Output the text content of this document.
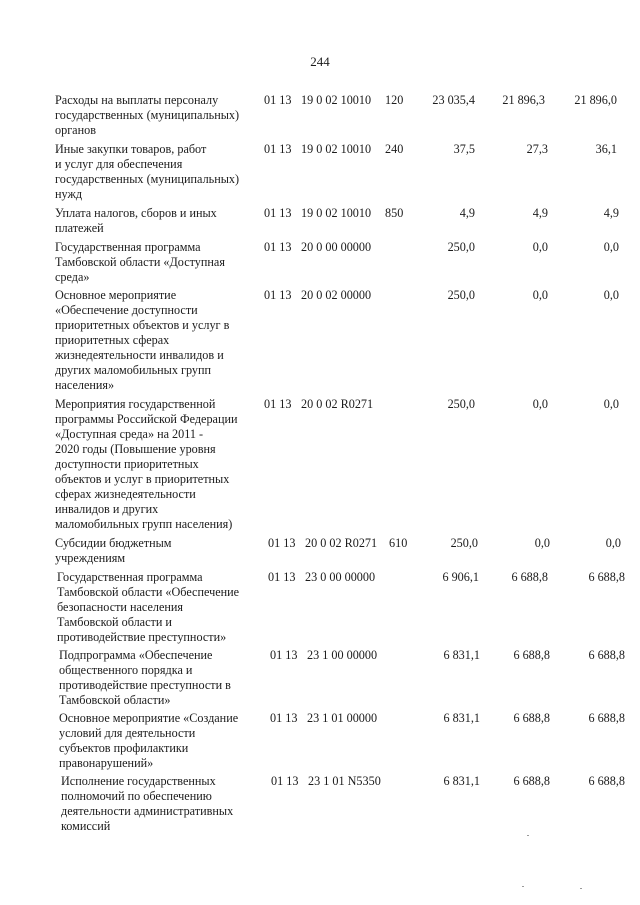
244
Расходы на выплаты персоналу
государственных (муниципальных)
органов
01 13 19 0 02 10010 120	23 035,4	21 896,3	21 896,0
Иные закупки товаров, работ
и услуг для обеспечения
государственных (муниципальных)
нужд
01 13 19 0 02 10010 240	37,5	27,3	36,1
Уплата налогов, сборов и иных
платежей
01 13 19 0 02 10010 850	4,9	4,9	4,9
Государственная программа
Тамбовской области «Доступная
среда»
01 13 20 0 00 00000	250,0	0,0	0,0
Основное мероприятие
«Обеспечение доступности
приоритетных объектов и услуг в
приоритетных сферах
жизнедеятельности инвалидов и
других маломобильных групп
населения»
01 13 20 0 02 00000	250,0	0,0	0,0
Мероприятия государственной
программы Российской Федерации
«Доступная среда» на 2011 -
2020 годы (Повышение уровня
доступности приоритетных
объектов и услуг в приоритетных
сферах жизнедеятельности
инвалидов и других
маломобильных групп населения)
01 13 20 0 02 R0271	250,0	0,0	0,0
Субсидии бюджетным
учреждениям
01 13 20 0 02 R0271 610	250,0	0,0	0,0
Государственная программа
Тамбовской области «Обеспечение
безопасности населения
Тамбовской области и
противодействие преступности»
01 13 23 0 00 00000	6 906,1	6 688,8	6 688,8
Подпрограмма «Обеспечение
общественного порядка и
противодействие преступности в
Тамбовской области»
01 13 23 1 00 00000	6 831,1	6 688,8	6 688,8
Основное мероприятие «Создание
условий для деятельности
субъектов профилактики
правонарушений»
01 13 23 1 01 00000	6 831,1	6 688,8	6 688,8
Исполнение государственных
полномочий по обеспечению
деятельности административных
комиссий
01 13 23 1 01 N5350	6 831,1	6 688,8	6 688,8
